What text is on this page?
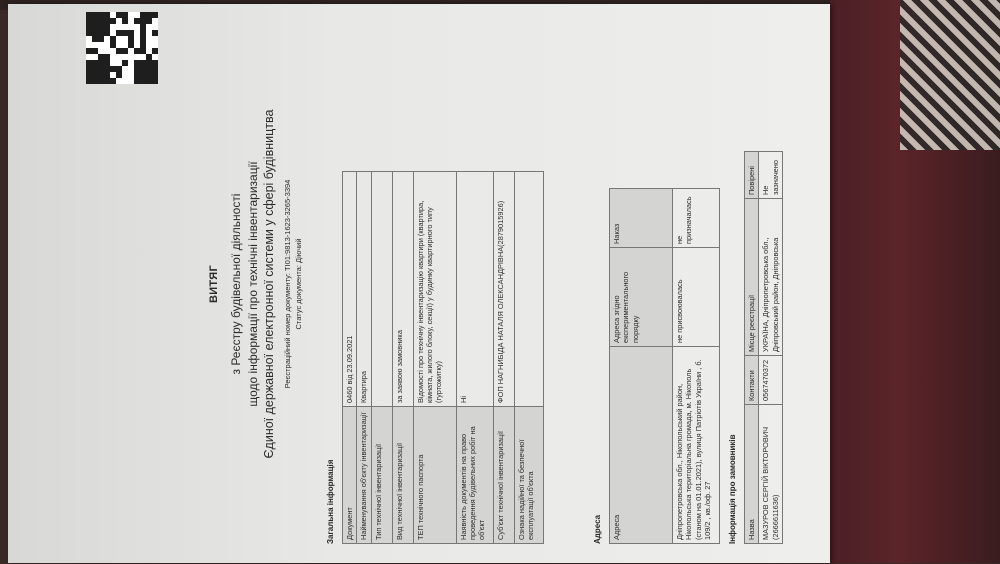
ВИТЯГ з Реєстру будівельної діяльності щодо інформації про технічні інвентаризації Єдиної державної електронної системи у сфері будівництва Реєстраційний номер документу: TI01:9813-1623-3265-3394 Статус документа: Діючий

Загальна інформація Документ	0460 від 23.09.2021
Найменування об'єкту інвентаризації	Квартира
Тип технічної інвентаризації	
Вид технічної інвентаризації	за заявою замовника
ТЕП технічного паспорта	Відомості про технічну інвентаризацію квартири (квартира, кімната, жилого блоку, секції) у будинку квартирного типу (гуртожитку)
Наявність документів на право проведення будівельних робіт на об'єкт	Ні
Суб'єкт технічної інвентаризації	ФОП НАГНИБІДА НАТАЛЯ ОЛЕКСАНДРІВНА(2879015926)
Ознака надійної та безпечної експлуатації об'єкта		Адреса Адреса	Адреса згідно експериментального порядку	Наказ
Дніпропетровська обл., Нікопольський район, Нікопольська територіальна громада, м. Нікополь (станом на 01.01.2021), вулиця Патріотів України , б. 109/2 , кв./оф. 27	не присвоювалась	не призначалась
Інформація про замовників Назва	Контакти	Місце реєстрації	Повірені
МАЗУРОВ СЕРГІЙ ВІКТОРОВИЧ (2666611636)	0567470372	УКРАЇНА, Дніпропетровська обл., Дніпровський район, Дніпровська	Не зазначено
